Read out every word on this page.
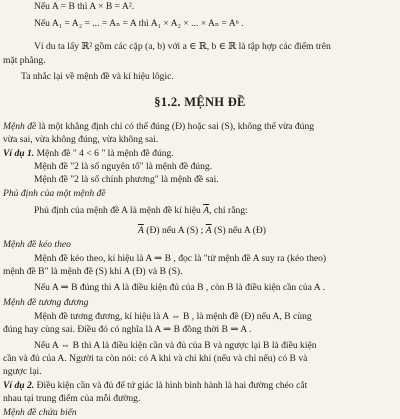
Nếu A = B thì A × B = A².
Nếu A₁ = A₂ = ... = Aₙ = A thì A₁ × A₂ × ... × Aₙ = Aⁿ .
Ví du ta lấy ℝ² gồm các cặp (a, b) với a ∈ ℝ, b ∈ ℝ là tập hợp các điểm trên
mặt phẳng.
Ta nhắc lại về mệnh đề và kí hiệu lôgic.
§1.2. MỆNH ĐỀ
Mệnh đề là một khẳng định chỉ có thể đúng (Đ) hoặc sai (S), không thể vừa đúng
vừa sai, vừa không đúng, vừa không sai.
Ví dụ 1. Mệnh đề " 4 < 6 " là mệnh đề đúng.
Mệnh đề "2 là số nguyên tố" là mệnh đề đúng.
Mệnh đề "2 là số chính phương" là mệnh đề sai.
Phủ định của một mệnh đề
Phủ định của mệnh đề A là mệnh đề kí hiệu $\overline{A}$, chỉ rằng:
$\overline{A}$ (Đ) nếu A (S) ; $\overline{A}$ (S) nếu A (Đ)
Mệnh đề kéo theo
Mệnh đề kéo theo, kí hiệu là A ⇒ B , đọc là "từ mệnh đề A suy ra (kéo theo)
mệnh đề B" là mệnh đề (S) khi A (Đ) và B (S).
Nếu A ⇒ B đúng thì A là điều kiện đủ của B , còn B là điều kiện cần của A .
Mệnh đề tương đương
Mệnh đề tương đương, kí hiệu là A ⇔ B , là mệnh đề (Đ) nếu A, B cùng
đúng hay cùng sai. Điều đó có nghĩa là A ⇒ B đồng thời B ⇒ A .
Nếu A ⇔ B thì A là điều kiện cần và đủ của B và ngược lại B là điều kiện
cần và đủ của A. Người ta còn nói: có A khi và chỉ khi (nếu và chỉ nếu) có B và
ngược lại.
Ví dụ 2. Điều kiện cần và đủ để tứ giác là hình bình hành là hai đường chéo cắt
nhau tại trung điểm của mỗi đường.
Mệnh đề chứa biến
